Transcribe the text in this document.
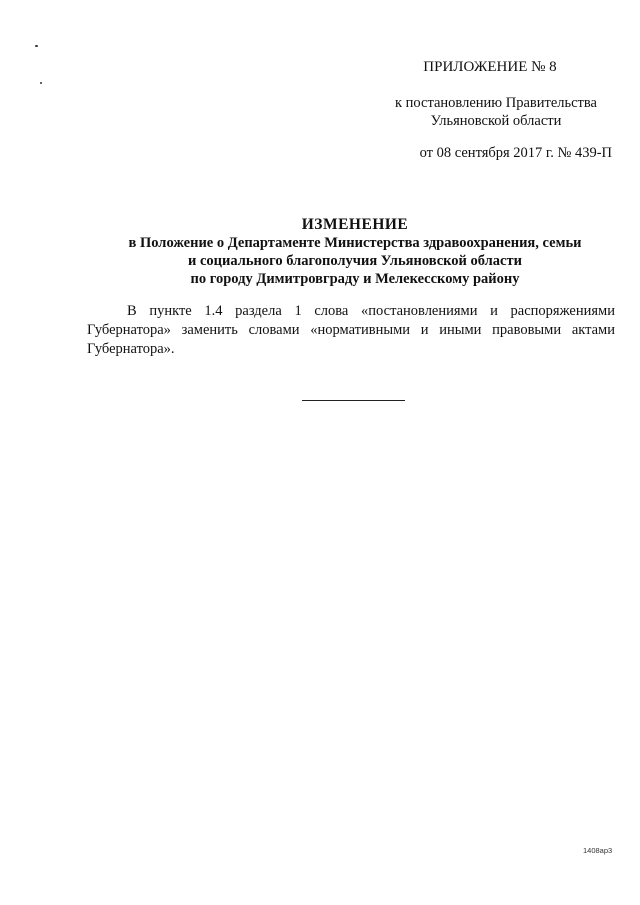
ПРИЛОЖЕНИЕ № 8
к постановлению Правительства
Ульяновской области
от 08 сентября 2017 г. № 439-П
ИЗМЕНЕНИЕ
в Положение о Департаменте Министерства здравоохранения, семьи
и социального благополучия Ульяновской области
по городу Димитровграду и Мелекесскому району
В пункте 1.4 раздела 1 слова «постановлениями и распоряжениями Губернатора» заменить словами «нормативными и иными правовыми актами Губернатора».
1408ap3
